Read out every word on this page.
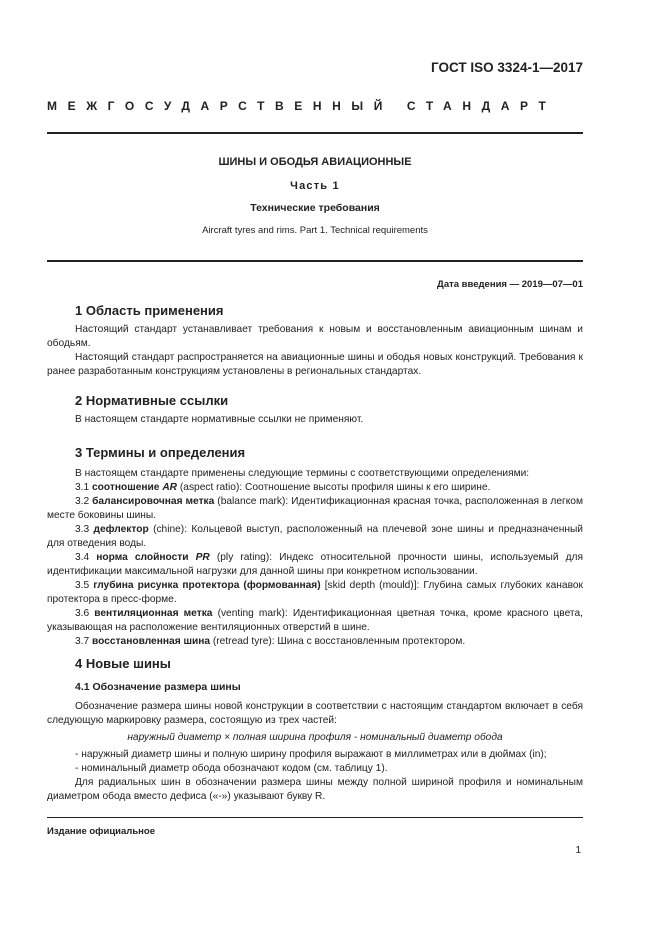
ГОСТ ISO 3324-1—2017
МЕЖГОСУДАРСТВЕННЫЙ СТАНДАРТ
ШИНЫ И ОБОДЬЯ АВИАЦИОННЫЕ
Часть 1
Технические требования
Aircraft tyres and rims. Part 1. Technical requirements
Дата введения — 2019—07—01
1 Область применения

Настоящий стандарт устанавливает требования к новым и восстановленным авиационным шинам и ободьям.

Настоящий стандарт распространяется на авиационные шины и ободья новых конструкций. Требования к ранее разработанным конструкциям установлены в региональных стандартах.

2 Нормативные ссылки

В настоящем стандарте нормативные ссылки не применяют.

3 Термины и определения

В настоящем стандарте применены следующие термины с соответствующими определениями:

3.1 соотношение AR (aspect ratio): Соотношение высоты профиля шины к его ширине.

3.2 балансировочная метка (balance mark): Идентификационная красная точка, расположенная в легком месте боковины шины.

3.3 дефлектор (chine): Кольцевой выступ, расположенный на плечевой зоне шины и предназначенный для отведения воды.

3.4 норма слойности PR (ply rating): Индекс относительной прочности шины, используемый для идентификации максимальной нагрузки для данной шины при конкретном использовании.

3.5 глубина рисунка протектора (формованная) [skid depth (mould)]: Глубина самых глубоких канавок протектора в пресс-форме.

3.6 вентиляционная метка (venting mark): Идентификационная цветная точка, кроме красного цвета, указывающая на расположение вентиляционных отверстий в шине.

3.7 восстановленная шина (retread tyre): Шина с восстановленным протектором.

4 Новые шины
4.1 Обозначение размера шины

Обозначение размера шины новой конструкции в соответствии с настоящим стандартом включает в себя следующую маркировку размера, состоящую из трех частей:

наружный диаметр × полная ширина профиля - номинальный диаметр обода

- наружный диаметр шины и полную ширину профиля выражают в миллиметрах или в дюймах (in);

- номинальный диаметр обода обозначают кодом (см. таблицу 1).

Для радиальных шин в обозначении размера шины между полной шириной профиля и номинальным диаметром обода вместо дефиса («-») указывают букву R.

Издание официальное
1
